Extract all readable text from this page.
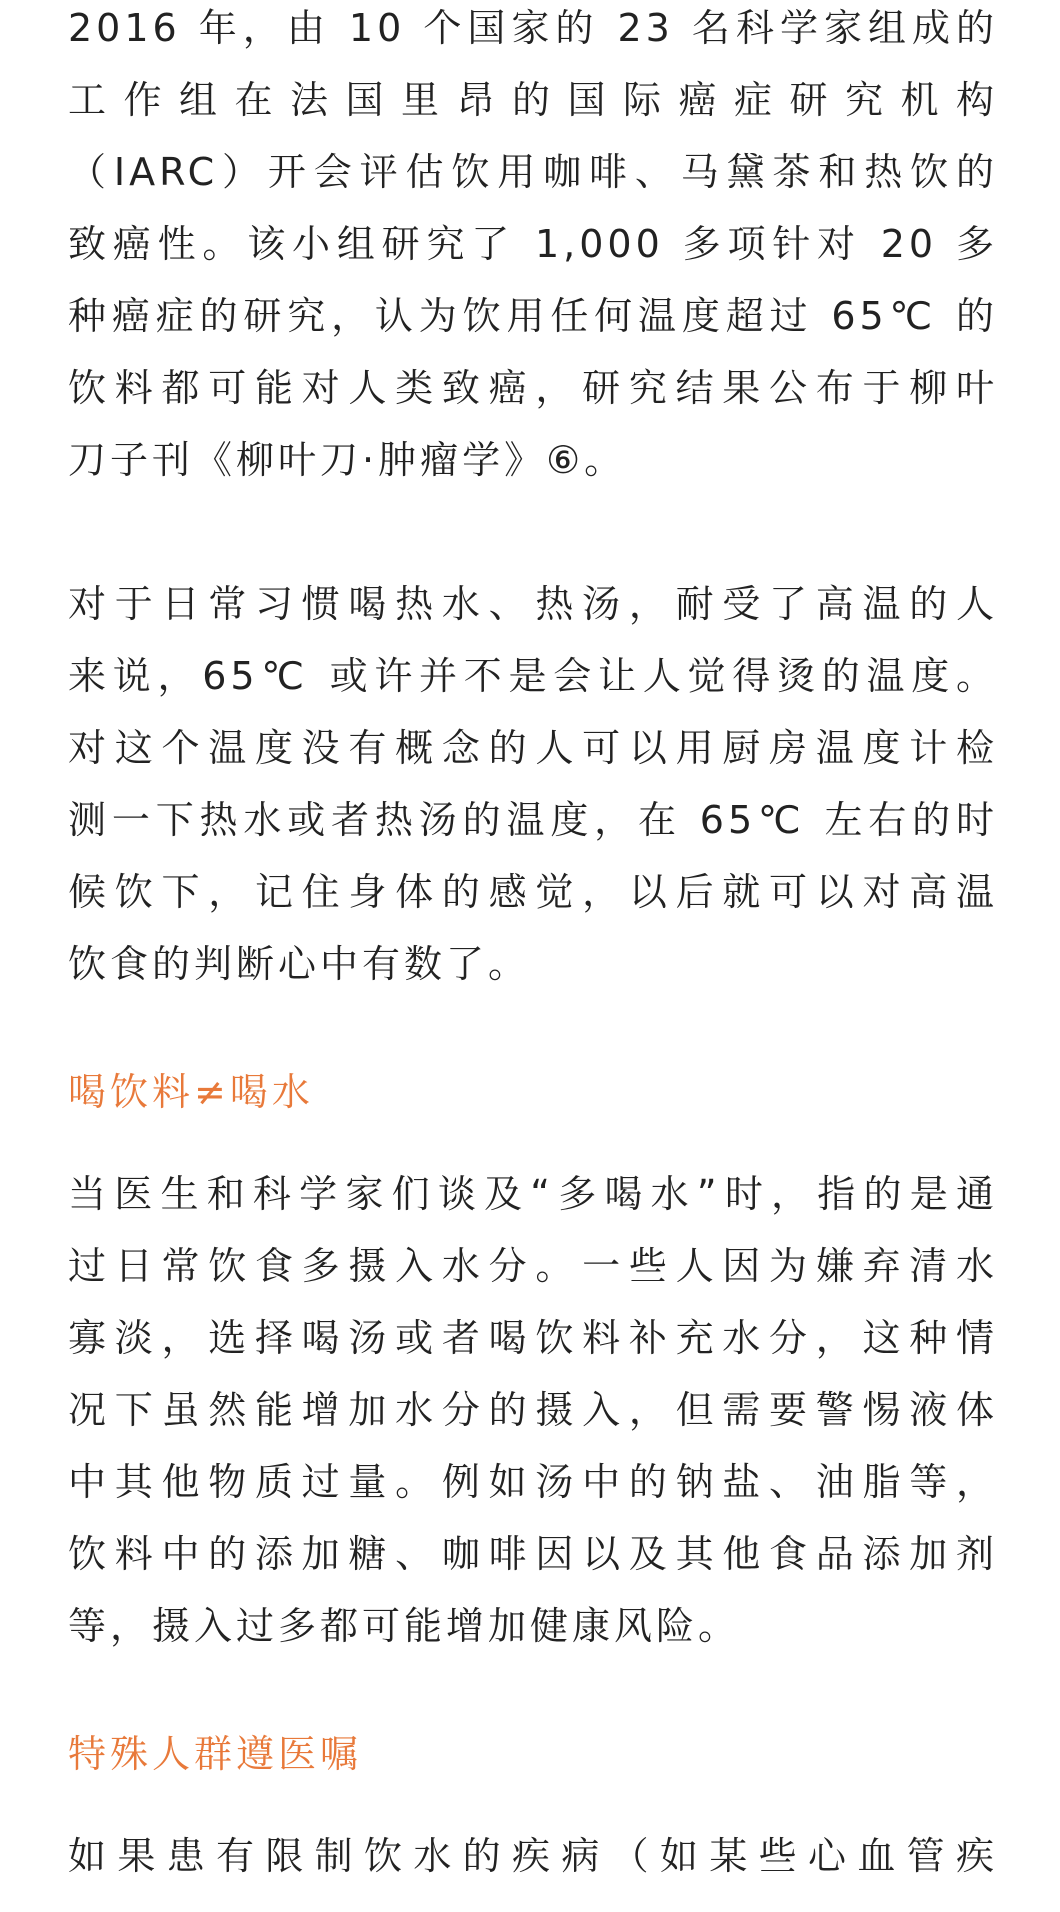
2016 年，由 10 个国家的 23 名科学家组成的
工作组在法国里昂的国际癌症研究机构
（IARC）开会评估饮用咖啡、马黛茶和热饮的
致癌性。该小组研究了 1,000 多项针对 20 多
种癌症的研究，认为饮用任何温度超过 65℃ 的
饮料都可能对人类致癌，研究结果公布于柳叶
刀子刊《柳叶刀·肿瘤学》⑥。
对于日常习惯喝热水、热汤，耐受了高温的人
来说，65℃ 或许并不是会让人觉得烫的温度。
对这个温度没有概念的人可以用厨房温度计检
测一下热水或者热汤的温度，在 65℃ 左右的时
候饮下，记住身体的感觉，以后就可以对高温
饮食的判断心中有数了。
喝饮料≠喝水
当医生和科学家们谈及“多喝水”时，指的是通
过日常饮食多摄入水分。一些人因为嫌弃清水
寡淡，选择喝汤或者喝饮料补充水分，这种情
况下虽然能增加水分的摄入，但需要警惕液体
中其他物质过量。例如汤中的钠盐、油脂等，
饮料中的添加糖、咖啡因以及其他食品添加剂
等，摄入过多都可能增加健康风险。
特殊人群遵医嘱
如果患有限制饮水的疾病（如某些心血管疾
